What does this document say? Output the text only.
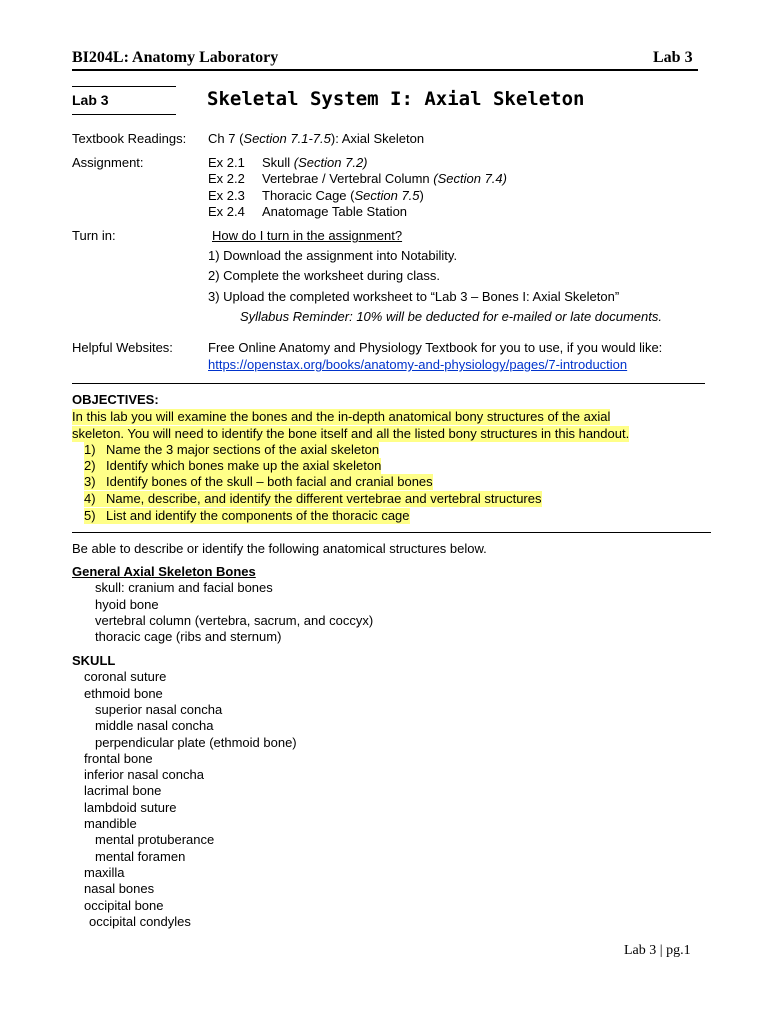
BI204L: Anatomy Laboratory	Lab 3
Lab 3	Skeletal System I: Axial Skeleton
Textbook Readings: Ch 7 (Section 7.1-7.5): Axial Skeleton
Assignment:	Ex 2.1 Skull (Section 7.2)
Ex 2.2 Vertebrae / Vertebral Column (Section 7.4)
Ex 2.3 Thoracic Cage (Section 7.5)
Ex 2.4 Anatomage Table Station
Turn in:	How do I turn in the assignment?
1) Download the assignment into Notability.
2) Complete the worksheet during class.
3) Upload the completed worksheet to “Lab 3 – Bones I: Axial Skeleton”
Syllabus Reminder: 10% will be deducted for e-mailed or late documents.
Helpful Websites:	Free Online Anatomy and Physiology Textbook for you to use, if you would like:
https://openstax.org/books/anatomy-and-physiology/pages/7-introduction
OBJECTIVES:
In this lab you will examine the bones and the in-depth anatomical bony structures of the axial
skeleton. You will need to identify the bone itself and all the listed bony structures in this handout.
1) Name the 3 major sections of the axial skeleton
2) Identify which bones make up the axial skeleton
3) Identify bones of the skull – both facial and cranial bones
4) Name, describe, and identify the different vertebrae and vertebral structures
5) List and identify the components of the thoracic cage
Be able to describe or identify the following anatomical structures below.
General Axial Skeleton Bones
skull: cranium and facial bones
hyoid bone
vertebral column (vertebra, sacrum, and coccyx)
thoracic cage (ribs and sternum)
SKULL
coronal suture
ethmoid bone
superior nasal concha
middle nasal concha
perpendicular plate (ethmoid bone)
frontal bone
inferior nasal concha
lacrimal bone
lambdoid suture
mandible
mental protuberance
mental foramen
maxilla
nasal bones
occipital bone
occipital condyles
Lab 3 | pg.1
